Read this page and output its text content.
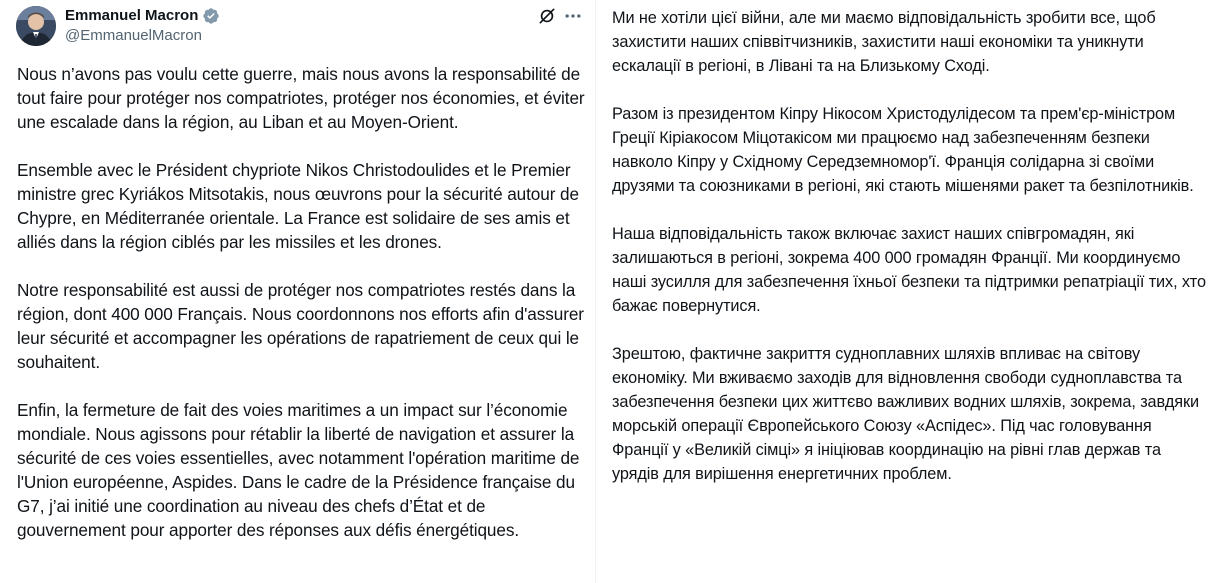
Emmanuel Macron
@EmmanuelMacron

Nous n’avons pas voulu cette guerre, mais nous avons la responsabilité de tout faire pour protéger nos compatriotes, protéger nos économies, et éviter une escalade dans la région, au Liban et au Moyen-Orient.

Ensemble avec le Président chypriote Nikos Christodoulides et le Premier ministre grec Kyriákos Mitsotakis, nous œuvrons pour la sécurité autour de Chypre, en Méditerranée orientale. La France est solidaire de ses amis et alliés dans la région ciblés par les missiles et les drones.

Notre responsabilité est aussi de protéger nos compatriotes restés dans la région, dont 400 000 Français. Nous coordonnons nos efforts afin d'assurer leur sécurité et accompagner les opérations de rapatriement de ceux qui le souhaitent.

Enfin, la fermeture de fait des voies maritimes a un impact sur l’économie mondiale. Nous agissons pour rétablir la liberté de navigation et assurer la sécurité de ces voies essentielles, avec notamment l'opération maritime de l'Union européenne, Aspides. Dans le cadre de la Présidence française du G7, j’ai initié une coordination au niveau des chefs d’État et de gouvernement pour apporter des réponses aux défis énergétiques.

Ми не хотіли цієї війни, але ми маємо відповідальність зробити все, щоб захистити наших співвітчизників, захистити наші економіки та уникнути ескалації в регіоні, в Лівані та на Близькому Сході.

Разом із президентом Кіпру Нікосом Христодулідесом та прем'єр-міністром Греції Кіріакосом Міцотакісом ми працюємо над забезпеченням безпеки навколо Кіпру у Східному Середземномор'ї. Франція солідарна зі своїми друзями та союзниками в регіоні, які стають мішенями ракет та безпілотників.

Наша відповідальність також включає захист наших співгромадян, які залишаються в регіоні, зокрема 400 000 громадян Франції. Ми координуємо наші зусилля для забезпечення їхньої безпеки та підтримки репатріації тих, хто бажає повернутися.

Зрештою, фактичне закриття судноплавних шляхів впливає на світову економіку. Ми вживаємо заходів для відновлення свободи судноплавства та забезпечення безпеки цих життєво важливих водних шляхів, зокрема, завдяки морській операції Європейського Союзу «Аспідес». Під час головування Франції у «Великій сімці» я ініціював координацію на рівні глав держав та урядів для вирішення енергетичних проблем.
